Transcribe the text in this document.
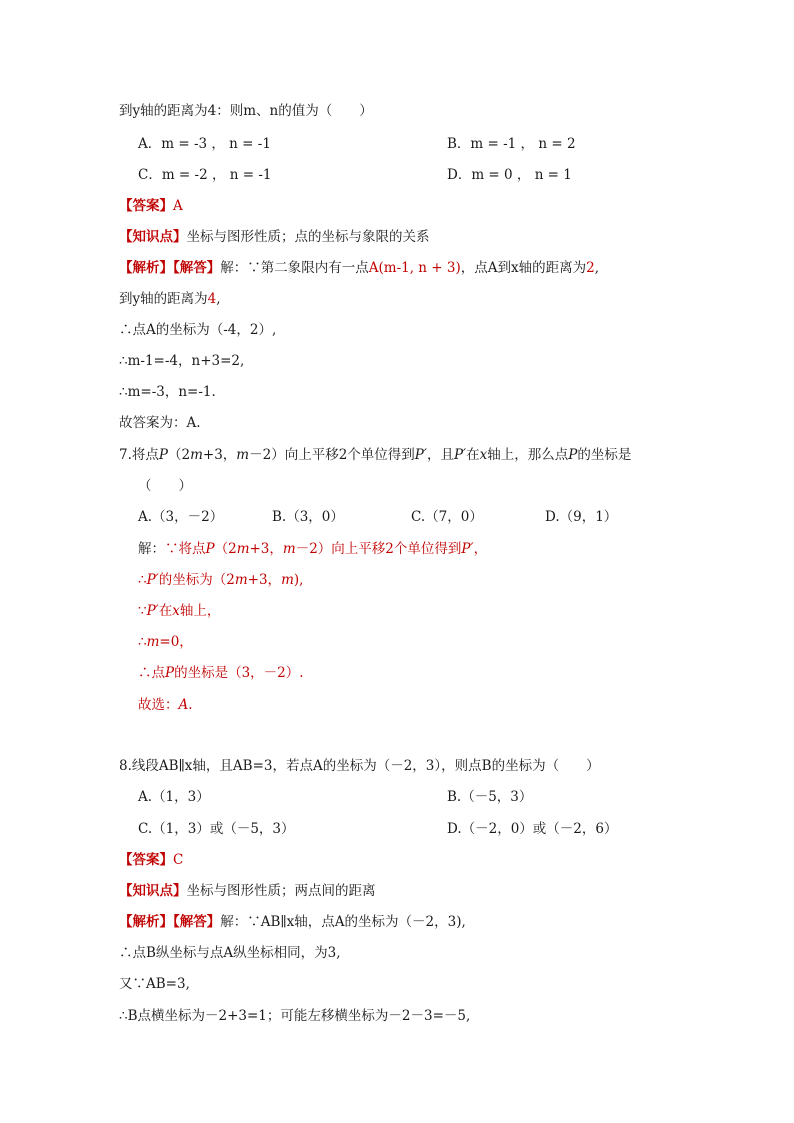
到y轴的距离为4：则m、n的值为（　　）
A．m = -3 ， n = -1	B．m = -1 ， n = 2
C．m = -2 ， n = -1	D．m = 0 ， n = 1
【答案】A
【知识点】坐标与图形性质；点的坐标与象限的关系
【解析】【解答】解：∵第二象限内有一点A(m-1, n + 3)，点A到x轴的距离为2,
到y轴的距离为4,
∴点A的坐标为（-4，2）,
∴m-1=-4，n+3=2,
∴m=-3，n=-1.
故答案为：A.
7.将点P（2m+3，m－2）向上平移2个单位得到P′，且P′在x轴上，那么点P的坐标是
（　　）
A.（3，－2）	B.（3，0）	C.（7，0）	D.（9，1）
解：∵将点P（2m+3，m－2）向上平移2个单位得到P′，
∴P′的坐标为（2m+3，m),
∵P′在x轴上，
∴m=0，
∴点P的坐标是（3，－2）.
故选：A.
8.线段AB∥x轴，且AB=3，若点A的坐标为（－2，3），则点B的坐标为（　　）
A.（1，3）	B.（－5，3）
C.（1，3）或（－5，3）	D.（－2，0）或（－2，6）
【答案】C
【知识点】坐标与图形性质；两点间的距离
【解析】【解答】解：∵AB∥x轴，点A的坐标为（－2，3),
∴点B纵坐标与点A纵坐标相同，为3,
又∵AB=3,
∴B点横坐标为－2+3=1；可能左移横坐标为－2－3=－5,
